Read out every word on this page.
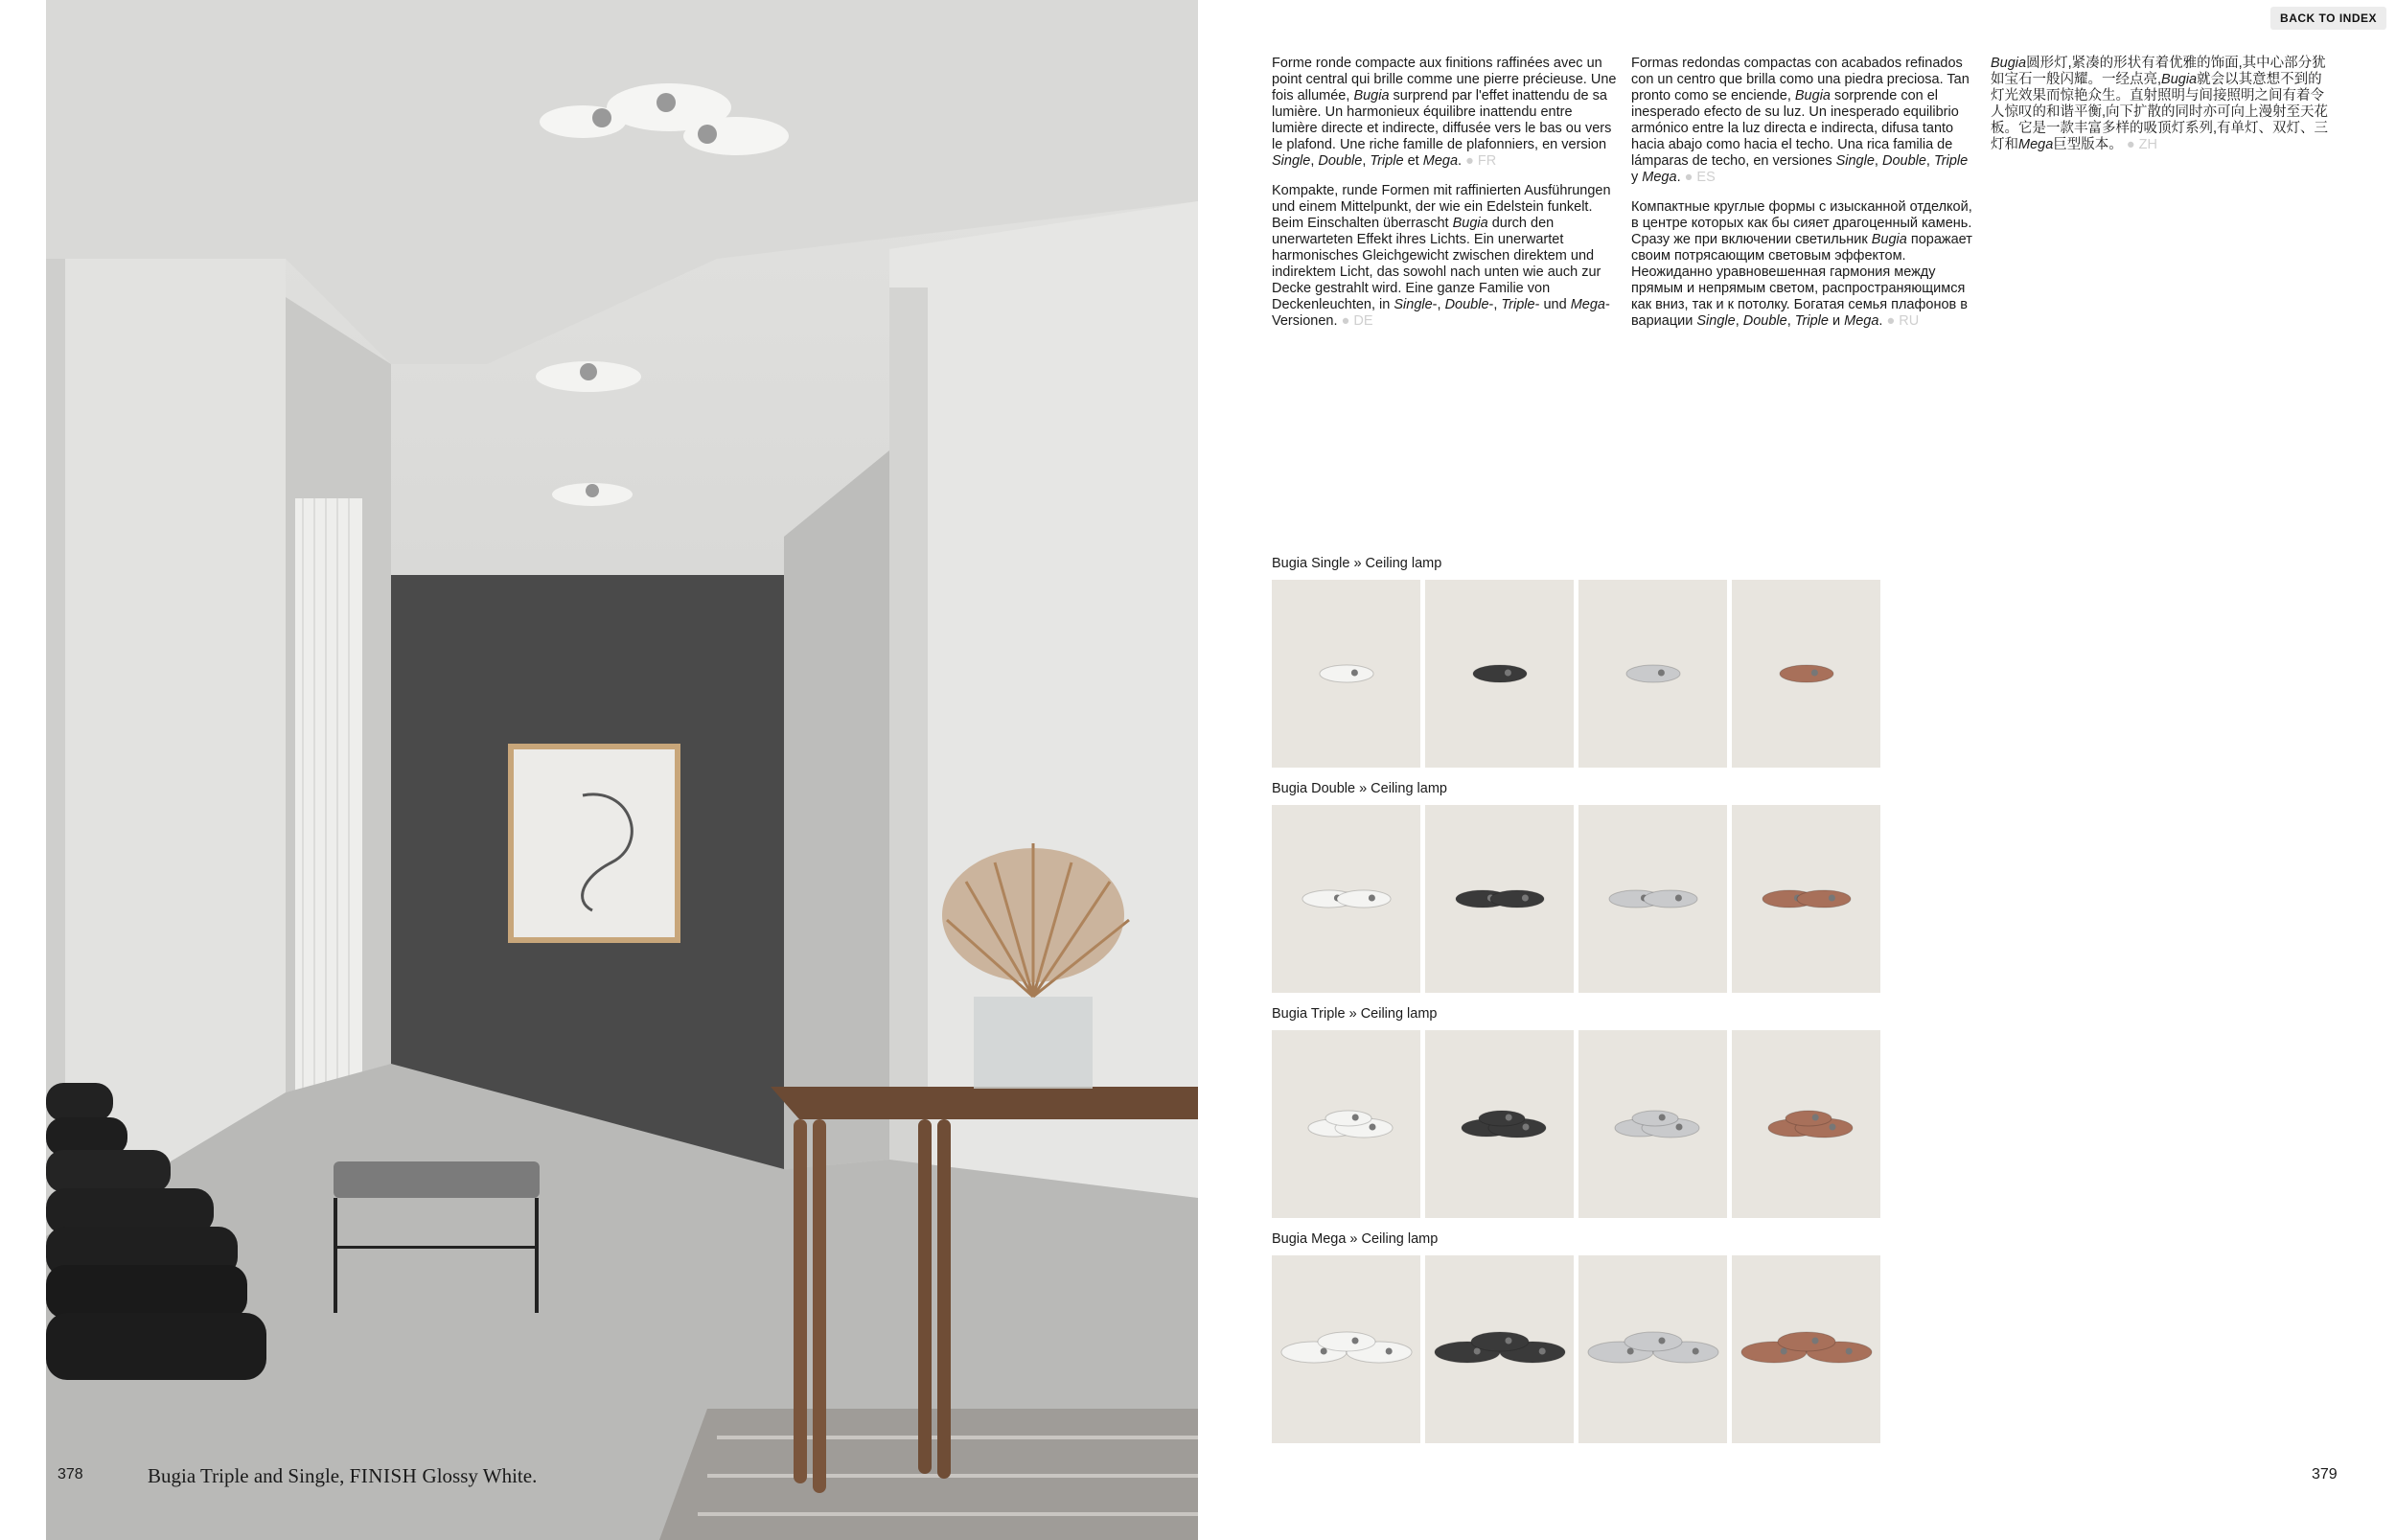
378	Bugia Triple and Single, FINISH Glossy White.
BACK TO INDEX

Forme ronde compacte aux finitions raffinées avec un point central qui brille comme une pierre précieuse. Une fois allumée, Bugia surprend par l'effet inattendu de sa lumière. Un harmonieux équilibre inattendu entre lumière directe et indirecte, diffusée vers le bas ou vers le plafond. Une riche famille de plafonniers, en version Single, Double, Triple et Mega. ● FR

Kompakte, runde Formen mit raffinierten Ausführungen und einem Mittelpunkt, der wie ein Edelstein funkelt. Beim Einschalten überrascht Bugia durch den unerwarteten Effekt ihres Lichts. Ein unerwartet harmonisches Gleichgewicht zwischen direktem und indirektem Licht, das sowohl nach unten wie auch zur Decke gestrahlt wird. Eine ganze Familie von Deckenleuchten, in Single-, Double-, Triple- und Mega-Versionen. ● DE

Formas redondas compactas con acabados refinados con un centro que brilla como una piedra preciosa. Tan pronto como se enciende, Bugia sorprende con el inesperado efecto de su luz. Un inesperado equilibrio armónico entre la luz directa e indirecta, difusa tanto hacia abajo como hacia el techo. Una rica familia de lámparas de techo, en versiones Single, Double, Triple y Mega. ● ES

Компактные круглые формы с изысканной отделкой, в центре которых как бы сияет драгоценный камень. Сразу же при включении светильник Bugia поражает своим потрясающим световым эффектом. Неожиданно уравновешенная гармония между прямым и непрямым светом, распространяющимся как вниз, так и к потолку. Богатая семья плафонов в вариации Single, Double, Triple и Mega. ● RU

Bugia圆形灯,紧凑的形状有着优雅的饰面,其中心部分犹如宝石一般闪耀。一经点亮,Bugia就会以其意想不到的灯光效果而惊艳众生。直射照明与间接照明之间有着令人惊叹的和谐平衡,向下扩散的同时亦可向上漫射至天花板。它是一款丰富多样的吸顶灯系列,有单灯、双灯、三灯和Mega巨型版本。 ● ZH

Bugia Single » Ceiling lamp
Bugia Double » Ceiling lamp
Bugia Triple » Ceiling lamp
Bugia Mega » Ceiling lamp
379
